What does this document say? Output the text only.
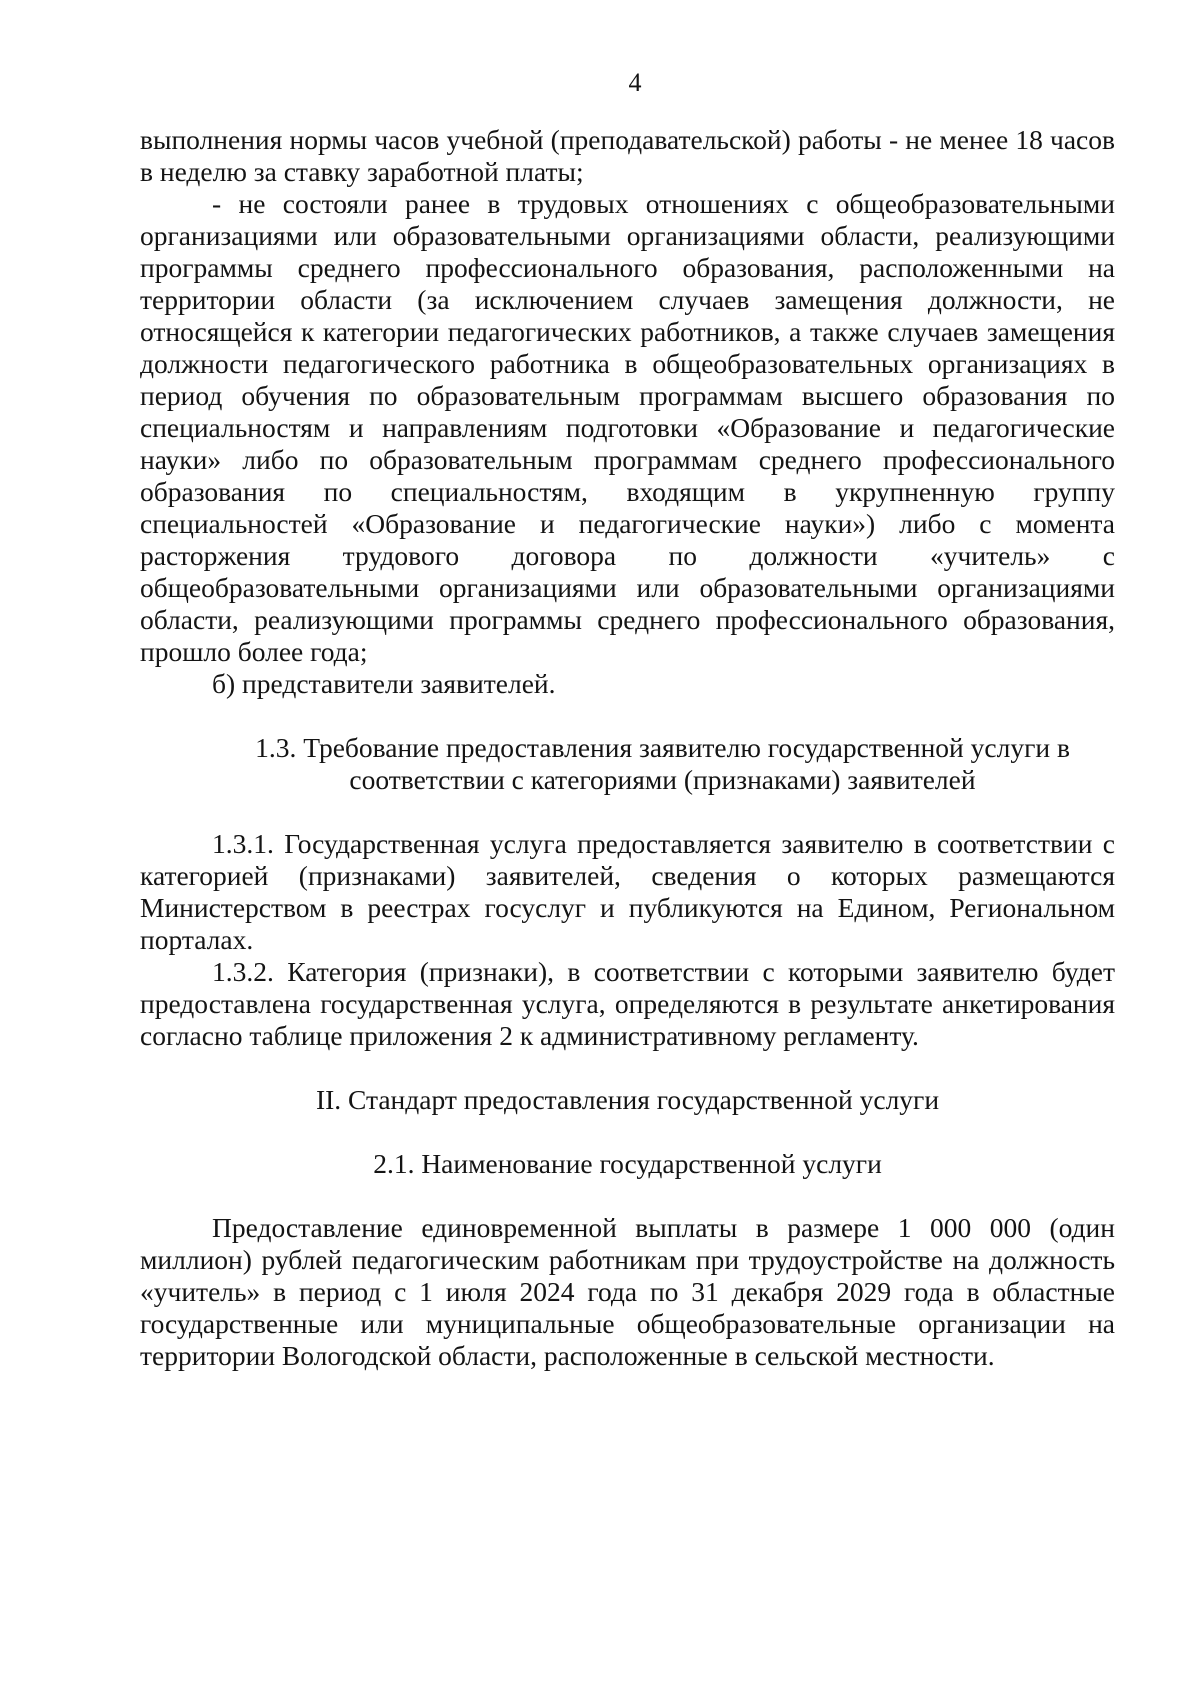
4

выполнения нормы часов учебной (преподавательской) работы - не менее 18 часов в неделю за ставку заработной платы;

- не состояли ранее в трудовых отношениях с общеобразовательными организациями или образовательными организациями области, реализующими программы среднего профессионального образования, расположенными на территории области (за исключением случаев замещения должности, не относящейся к категории педагогических работников, а также случаев замещения должности педагогического работника в общеобразовательных организациях в период обучения по образовательным программам высшего образования по специальностям и направлениям подготовки «Образование и педагогические науки» либо по образовательным программам среднего профессионального образования по специальностям, входящим в укрупненную группу специальностей «Образование и педагогические науки») либо с момента расторжения трудового договора по должности «учитель» с общеобразовательными организациями или образовательными организациями области, реализующими программы среднего профессионального образования, прошло более года;

б) представители заявителей.

1.3. Требование предоставления заявителю государственной услуги в соответствии с категориями (признаками) заявителей

1.3.1. Государственная услуга предоставляется заявителю в соответствии с категорией (признаками) заявителей, сведения о которых размещаются Министерством в реестрах госуслуг и публикуются на Едином, Региональном порталах.

1.3.2. Категория (признаки), в соответствии с которыми заявителю будет предоставлена государственная услуга, определяются в результате анкетирования согласно таблице приложения 2 к административному регламенту.

II. Стандарт предоставления государственной услуги

2.1. Наименование государственной услуги

Предоставление единовременной выплаты в размере 1 000 000 (один миллион) рублей педагогическим работникам при трудоустройстве на должность «учитель» в период с 1 июля 2024 года по 31 декабря 2029 года в областные государственные или муниципальные общеобразовательные организации на территории Вологодской области, расположенные в сельской местности.
